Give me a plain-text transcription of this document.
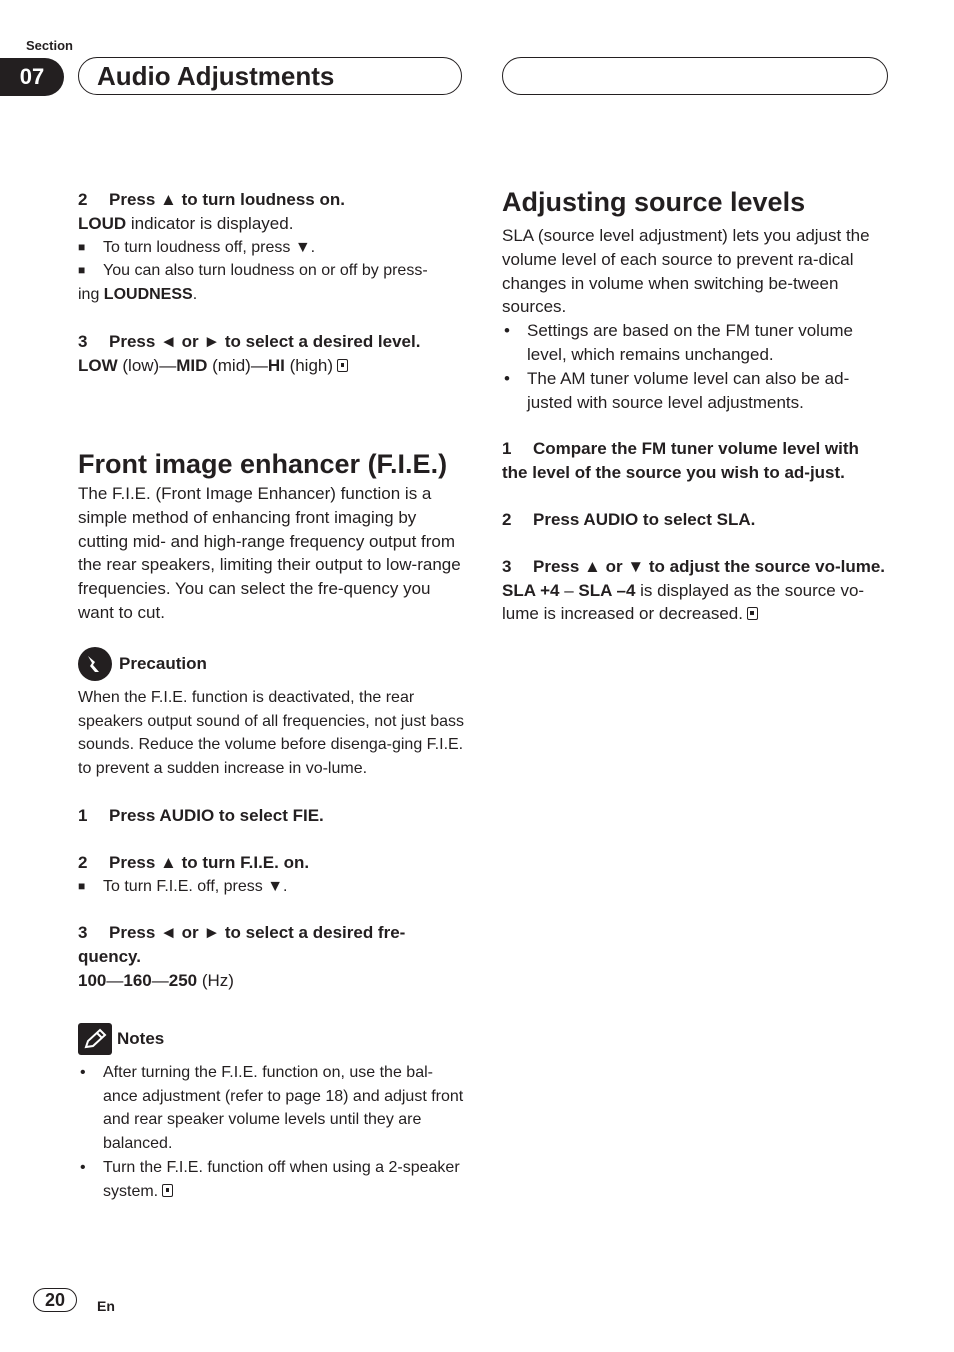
Section
07	Audio Adjustments

2 Press ▲ to turn loudness on.

LOUD indicator is displayed.

■	To turn loudness off, press ▼.
■	You can also turn loudness on or off by press-
ing LOUDNESS.

3 Press ◄ or ► to select a desired level.

LOW (low)—MID (mid)—HI (high)

Front image enhancer (F.I.E.)

The F.I.E. (Front Image Enhancer) function is a simple method of enhancing front imaging by cutting mid- and high-range frequency output from the rear speakers, limiting their output to low-range frequencies. You can select the fre-quency you want to cut.

Precaution

When the F.I.E. function is deactivated, the rear speakers output sound of all frequencies, not just bass sounds. Reduce the volume before disenga-ging F.I.E. to prevent a sudden increase in vo-lume.

1 Press AUDIO to select FIE.

2 Press ▲ to turn F.I.E. on.

■	To turn F.I.E. off, press ▼.

3 Press ◄ or ► to select a desired fre-quency.

100—160—250 (Hz)

Notes
• After turning the F.I.E. function on, use the bal-ance adjustment (refer to page 18) and adjust front and rear speaker volume levels until they are balanced.
• Turn the F.I.E. function off when using a 2-speaker system.
Adjusting source levels

SLA (source level adjustment) lets you adjust the volume level of each source to prevent ra-dical changes in volume when switching be-tween sources.

• Settings are based on the FM tuner volume level, which remains unchanged.
• The AM tuner volume level can also be ad-justed with source level adjustments.

1 Compare the FM tuner volume level with the level of the source you wish to ad-just.

2 Press AUDIO to select SLA.

3 Press ▲ or ▼ to adjust the source vo-lume.

SLA +4 – SLA –4 is displayed as the source vo-lume is increased or decreased.

20	En
